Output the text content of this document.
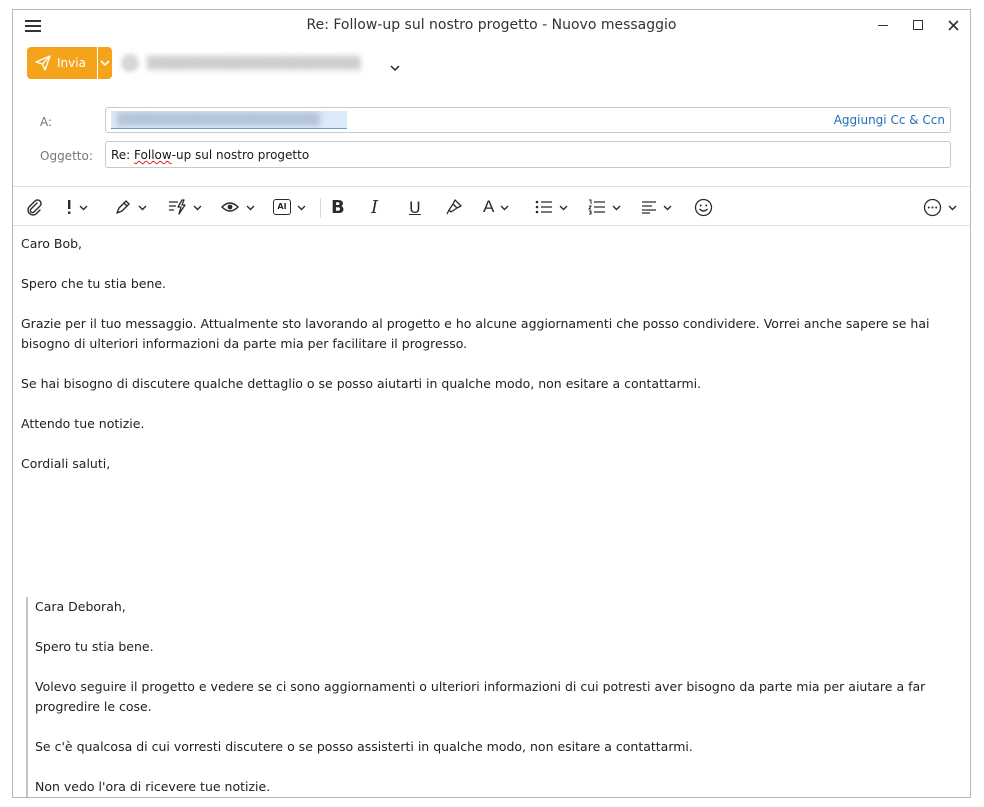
Re: Follow-up sul nostro progetto - Nuovo messaggio
Invia	▒▒▒▒▒▒▒▒▒▒▒▒▒▒▒▒▒▒▒▒▒▒
A:	▒▒▒▒▒▒▒▒▒▒▒▒▒▒▒▒▒▒▒▒▒▒	Aggiungi Cc & Ccn
Oggetto:	Re: Follow-up sul nostro progetto
AI B I U	A

Caro Bob,

Spero che tu stia bene.

Grazie per il tuo messaggio. Attualmente sto lavorando al progetto e ho alcune aggiornamenti che posso condividere. Vorrei anche sapere se hai bisogno di ulteriori informazioni da parte mia per facilitare il progresso.

Se hai bisogno di discutere qualche dettaglio o se posso aiutarti in qualche modo, non esitare a contattarmi.

Attendo tue notizie.

Cordiali saluti,

Cara Deborah,

Spero tu stia bene.

Volevo seguire il progetto e vedere se ci sono aggiornamenti o ulteriori informazioni di cui potresti aver bisogno da parte mia per aiutare a far progredire le cose.

Se c'è qualcosa di cui vorresti discutere o se posso assisterti in qualche modo, non esitare a contattarmi.

Non vedo l'ora di ricevere tue notizie.
